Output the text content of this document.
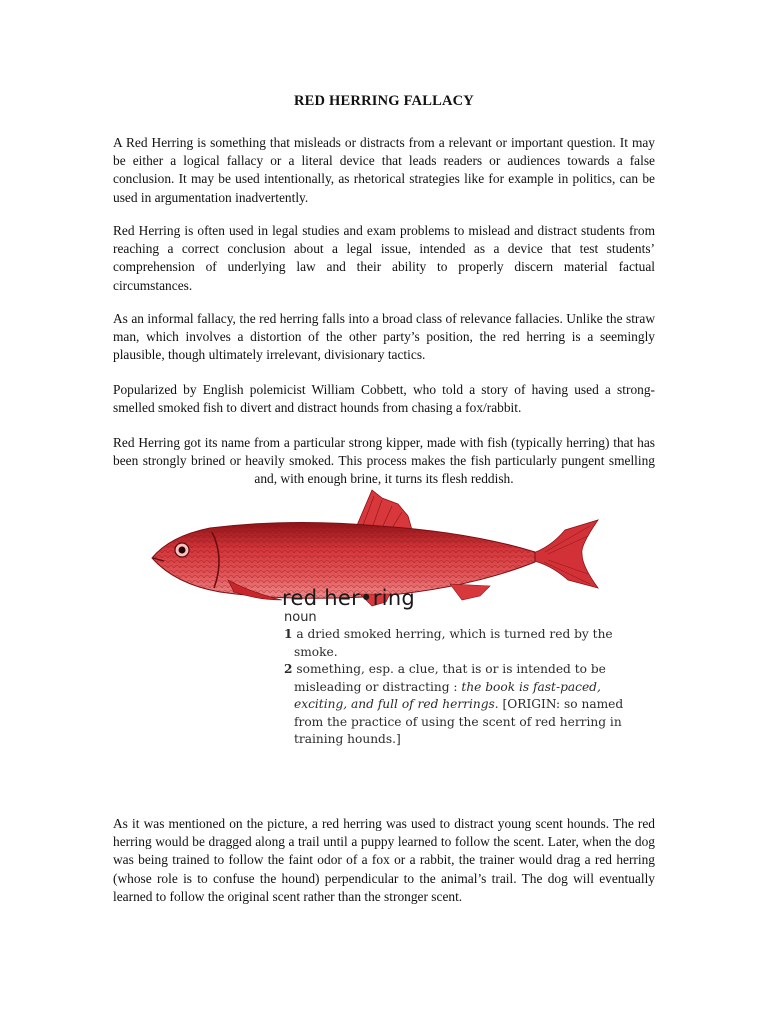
RED HERRING FALLACY

A Red Herring is something that misleads or distracts from a relevant or important question. It may be either a logical fallacy or a literal device that leads readers or audiences towards a false conclusion. It may be used intentionally, as rhetorical strategies like for example in politics, can be used in argumentation inadvertently.

Red Herring is often used in legal studies and exam problems to mislead and distract students from reaching a correct conclusion about a legal issue, intended as a device that test students’ comprehension of underlying law and their ability to properly discern material factual circumstances.

As an informal fallacy, the red herring falls into a broad class of relevance fallacies. Unlike the straw man, which involves a distortion of the other party’s position, the red herring is a seemingly plausible, though ultimately irrelevant, divisionary tactics.

Popularized by English polemicist William Cobbett, who told a story of having used a strong-smelled smoked fish to divert and distract hounds from chasing a fox/rabbit.

Red Herring got its name from a particular strong kipper, made with fish (typically herring) that has been strongly brined or heavily smoked. This process makes the fish particularly pungent smelling and, with enough brine, it turns its flesh reddish.

red her•ring
noun
1 a dried smoked herring, which is turned red by the smoke.
2 something, esp. a clue, that is or is intended to be misleading or distracting : the book is fast-paced, exciting, and full of red herrings. [ORIGIN: so named from the practice of using the scent of red herring in training hounds.]

As it was mentioned on the picture, a red herring was used to distract young scent hounds. The red herring would be dragged along a trail until a puppy learned to follow the scent. Later, when the dog was being trained to follow the faint odor of a fox or a rabbit, the trainer would drag a red herring (whose role is to confuse the hound) perpendicular to the animal’s trail. The dog will eventually learned to follow the original scent rather than the stronger scent.
